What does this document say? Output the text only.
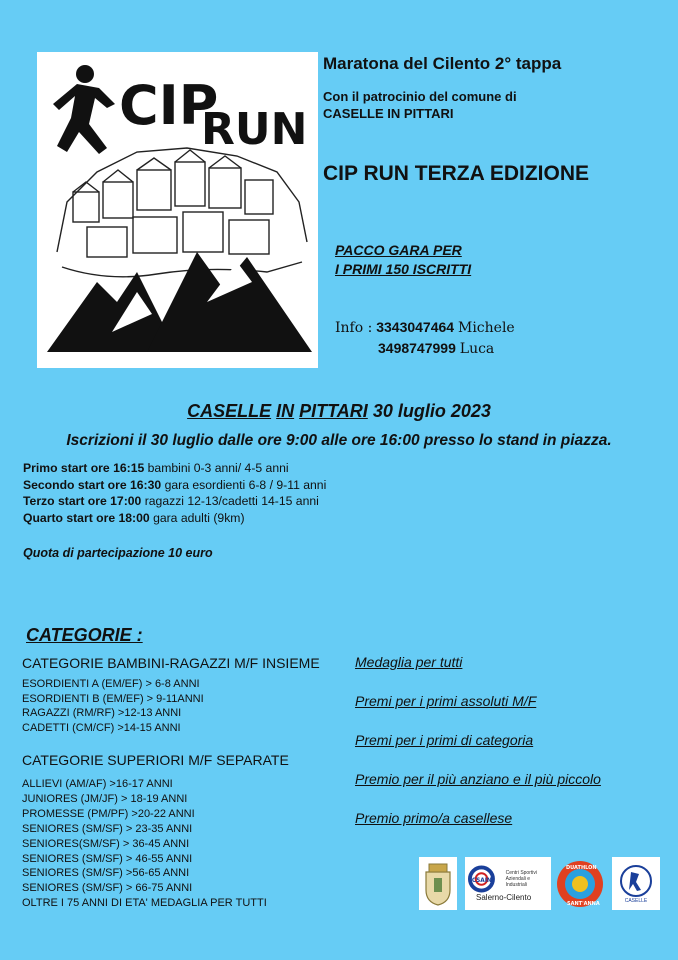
CIP
RUN
Maratona del Cilento 2° tappa
Con il patrocinio del comune di
CASELLE IN PITTARI
CIP RUN TERZA EDIZIONE
PACCO GARA PER
I PRIMI 150 ISCRITTI
Info : 3343047464 Michele
3498747999 Luca
CASELLE IN PITTARI 30 luglio 2023
Iscrizioni il 30 luglio dalle ore 9:00 alle ore 16:00 presso lo stand in piazza.
Primo start ore 16:15 bambini 0-3 anni/ 4-5 anni
Secondo start ore 16:30 gara esordienti 6-8 / 9-11 anni
Terzo start ore 17:00 ragazzi 12-13/cadetti 14-15 anni
Quarto start ore 18:00 gara adulti (9km)
Quota di partecipazione 10 euro
CATEGORIE :
CATEGORIE BAMBINI-RAGAZZI M/F INSIEME
ESORDIENTI A (EM/EF) > 6-8 ANNI
ESORDIENTI B (EM/EF) > 9-11ANNI
RAGAZZI (RM/RF) >12-13 ANNI
CADETTI (CM/CF) >14-15 ANNI
CATEGORIE SUPERIORI M/F SEPARATE
ALLIEVI (AM/AF) >16-17 ANNI
JUNIORES (JM/JF) > 18-19 ANNI
PROMESSE (PM/PF) >20-22 ANNI
SENIORES (SM/SF) > 23-35 ANNI
SENIORES(SM/SF) > 36-45 ANNI
SENIORES (SM/SF) > 46-55 ANNI
SENIORES (SM/SF) >56-65 ANNI
SENIORES (SM/SF) > 66-75 ANNI
OLTRE I 75 ANNI DI ETA' MEDAGLIA PER TUTTI
Medaglia per tutti
Premi per i primi assoluti M/F
Premi per i primi di categoria
Premio per il più anziano e il più piccolo
Premio primo/a casellese
CSAIN
Centri Sportivi
Aziendali e Industriali
Salerno-Cilento
DUATHLON
SANT'ANNA	CASELLE
